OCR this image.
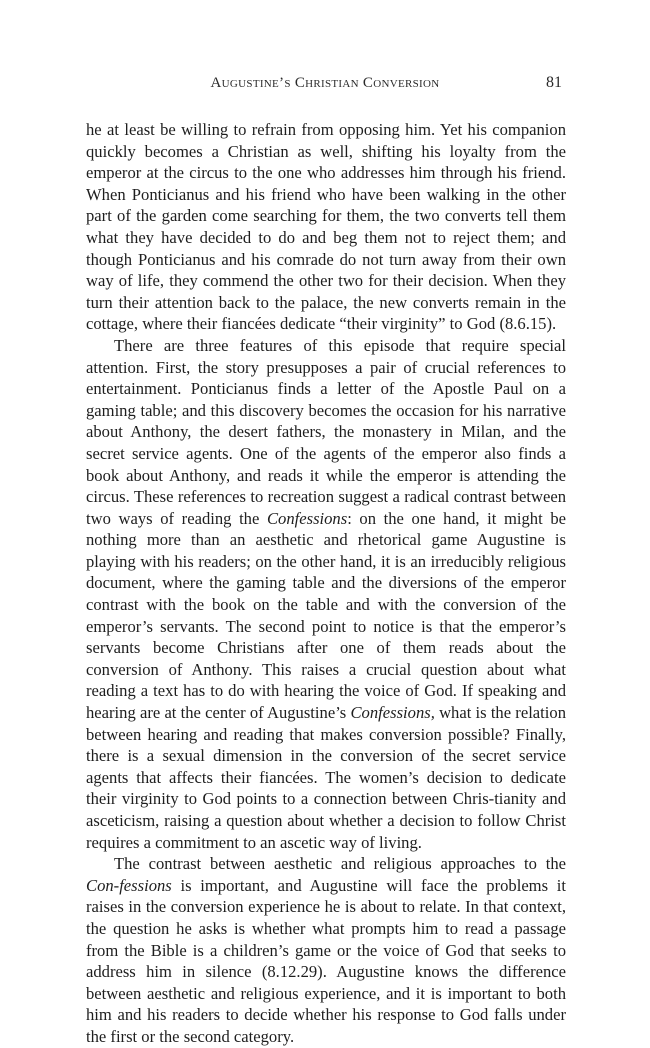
Augustine’s Christian Conversion	81

he at least be willing to refrain from opposing him. Yet his companion quickly becomes a Christian as well, shifting his loyalty from the emperor at the circus to the one who addresses him through his friend. When Ponticianus and his friend who have been walking in the other part of the garden come searching for them, the two converts tell them what they have decided to do and beg them not to reject them; and though Ponticianus and his comrade do not turn away from their own way of life, they commend the other two for their decision. When they turn their attention back to the palace, the new converts remain in the cottage, where their fiancées dedicate “their virginity” to God (8.6.15).

There are three features of this episode that require special attention. First, the story presupposes a pair of crucial references to entertainment. Ponticianus finds a letter of the Apostle Paul on a gaming table; and this discovery becomes the occasion for his narrative about Anthony, the desert fathers, the monastery in Milan, and the secret service agents. One of the agents of the emperor also finds a book about Anthony, and reads it while the emperor is attending the circus. These references to recreation suggest a radical contrast between two ways of reading the Confessions: on the one hand, it might be nothing more than an aesthetic and rhetorical game Augustine is playing with his readers; on the other hand, it is an irreducibly religious document, where the gaming table and the diversions of the emperor contrast with the book on the table and with the conversion of the emperor’s servants. The second point to notice is that the emperor’s servants become Christians after one of them reads about the conversion of Anthony. This raises a crucial question about what reading a text has to do with hearing the voice of God. If speaking and hearing are at the center of Augustine’s Confessions, what is the relation between hearing and reading that makes conversion possible? Finally, there is a sexual dimension in the conversion of the secret service agents that affects their fiancées. The women’s decision to dedicate their virginity to God points to a connection between Chris-tianity and asceticism, raising a question about whether a decision to follow Christ requires a commitment to an ascetic way of living.

The contrast between aesthetic and religious approaches to the Con-fessions is important, and Augustine will face the problems it raises in the conversion experience he is about to relate. In that context, the question he asks is whether what prompts him to read a passage from the Bible is a children’s game or the voice of God that seeks to address him in silence (8.12.29). Augustine knows the difference between aesthetic and religious experience, and it is important to both him and his readers to decide whether his response to God falls under the first or the second category.
